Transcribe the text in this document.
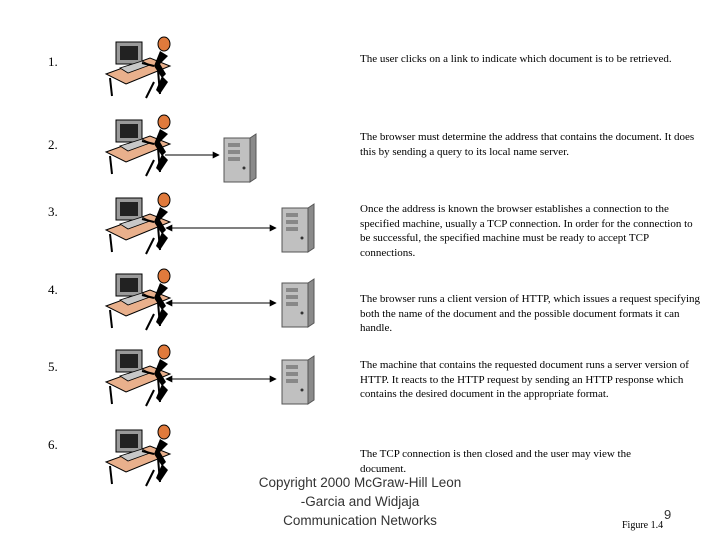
1.
2.
3.
4.
5.
6.
The user clicks on a link to indicate which document is to be retrieved.
The browser must determine the address that contains the document. It does this by sending a query to its local name server.
Once the address is known the browser establishes a connection to the specified machine, usually a TCP connection. In order for the connection to be successful, the specified machine must be ready to accept TCP connections.
The browser runs a client version of HTTP, which issues a request specifying both the name of the document and the possible document formats it can handle.
The machine that contains the requested document runs a server version of HTTP. It reacts to the HTTP request by sending an HTTP response which contains the desired document in the appropriate format.
The TCP connection is then closed and the user may view the document.
Copyright 2000 McGraw-Hill Leon
-Garcia and Widjaja
Communication Networks	9
Figure 1.4
